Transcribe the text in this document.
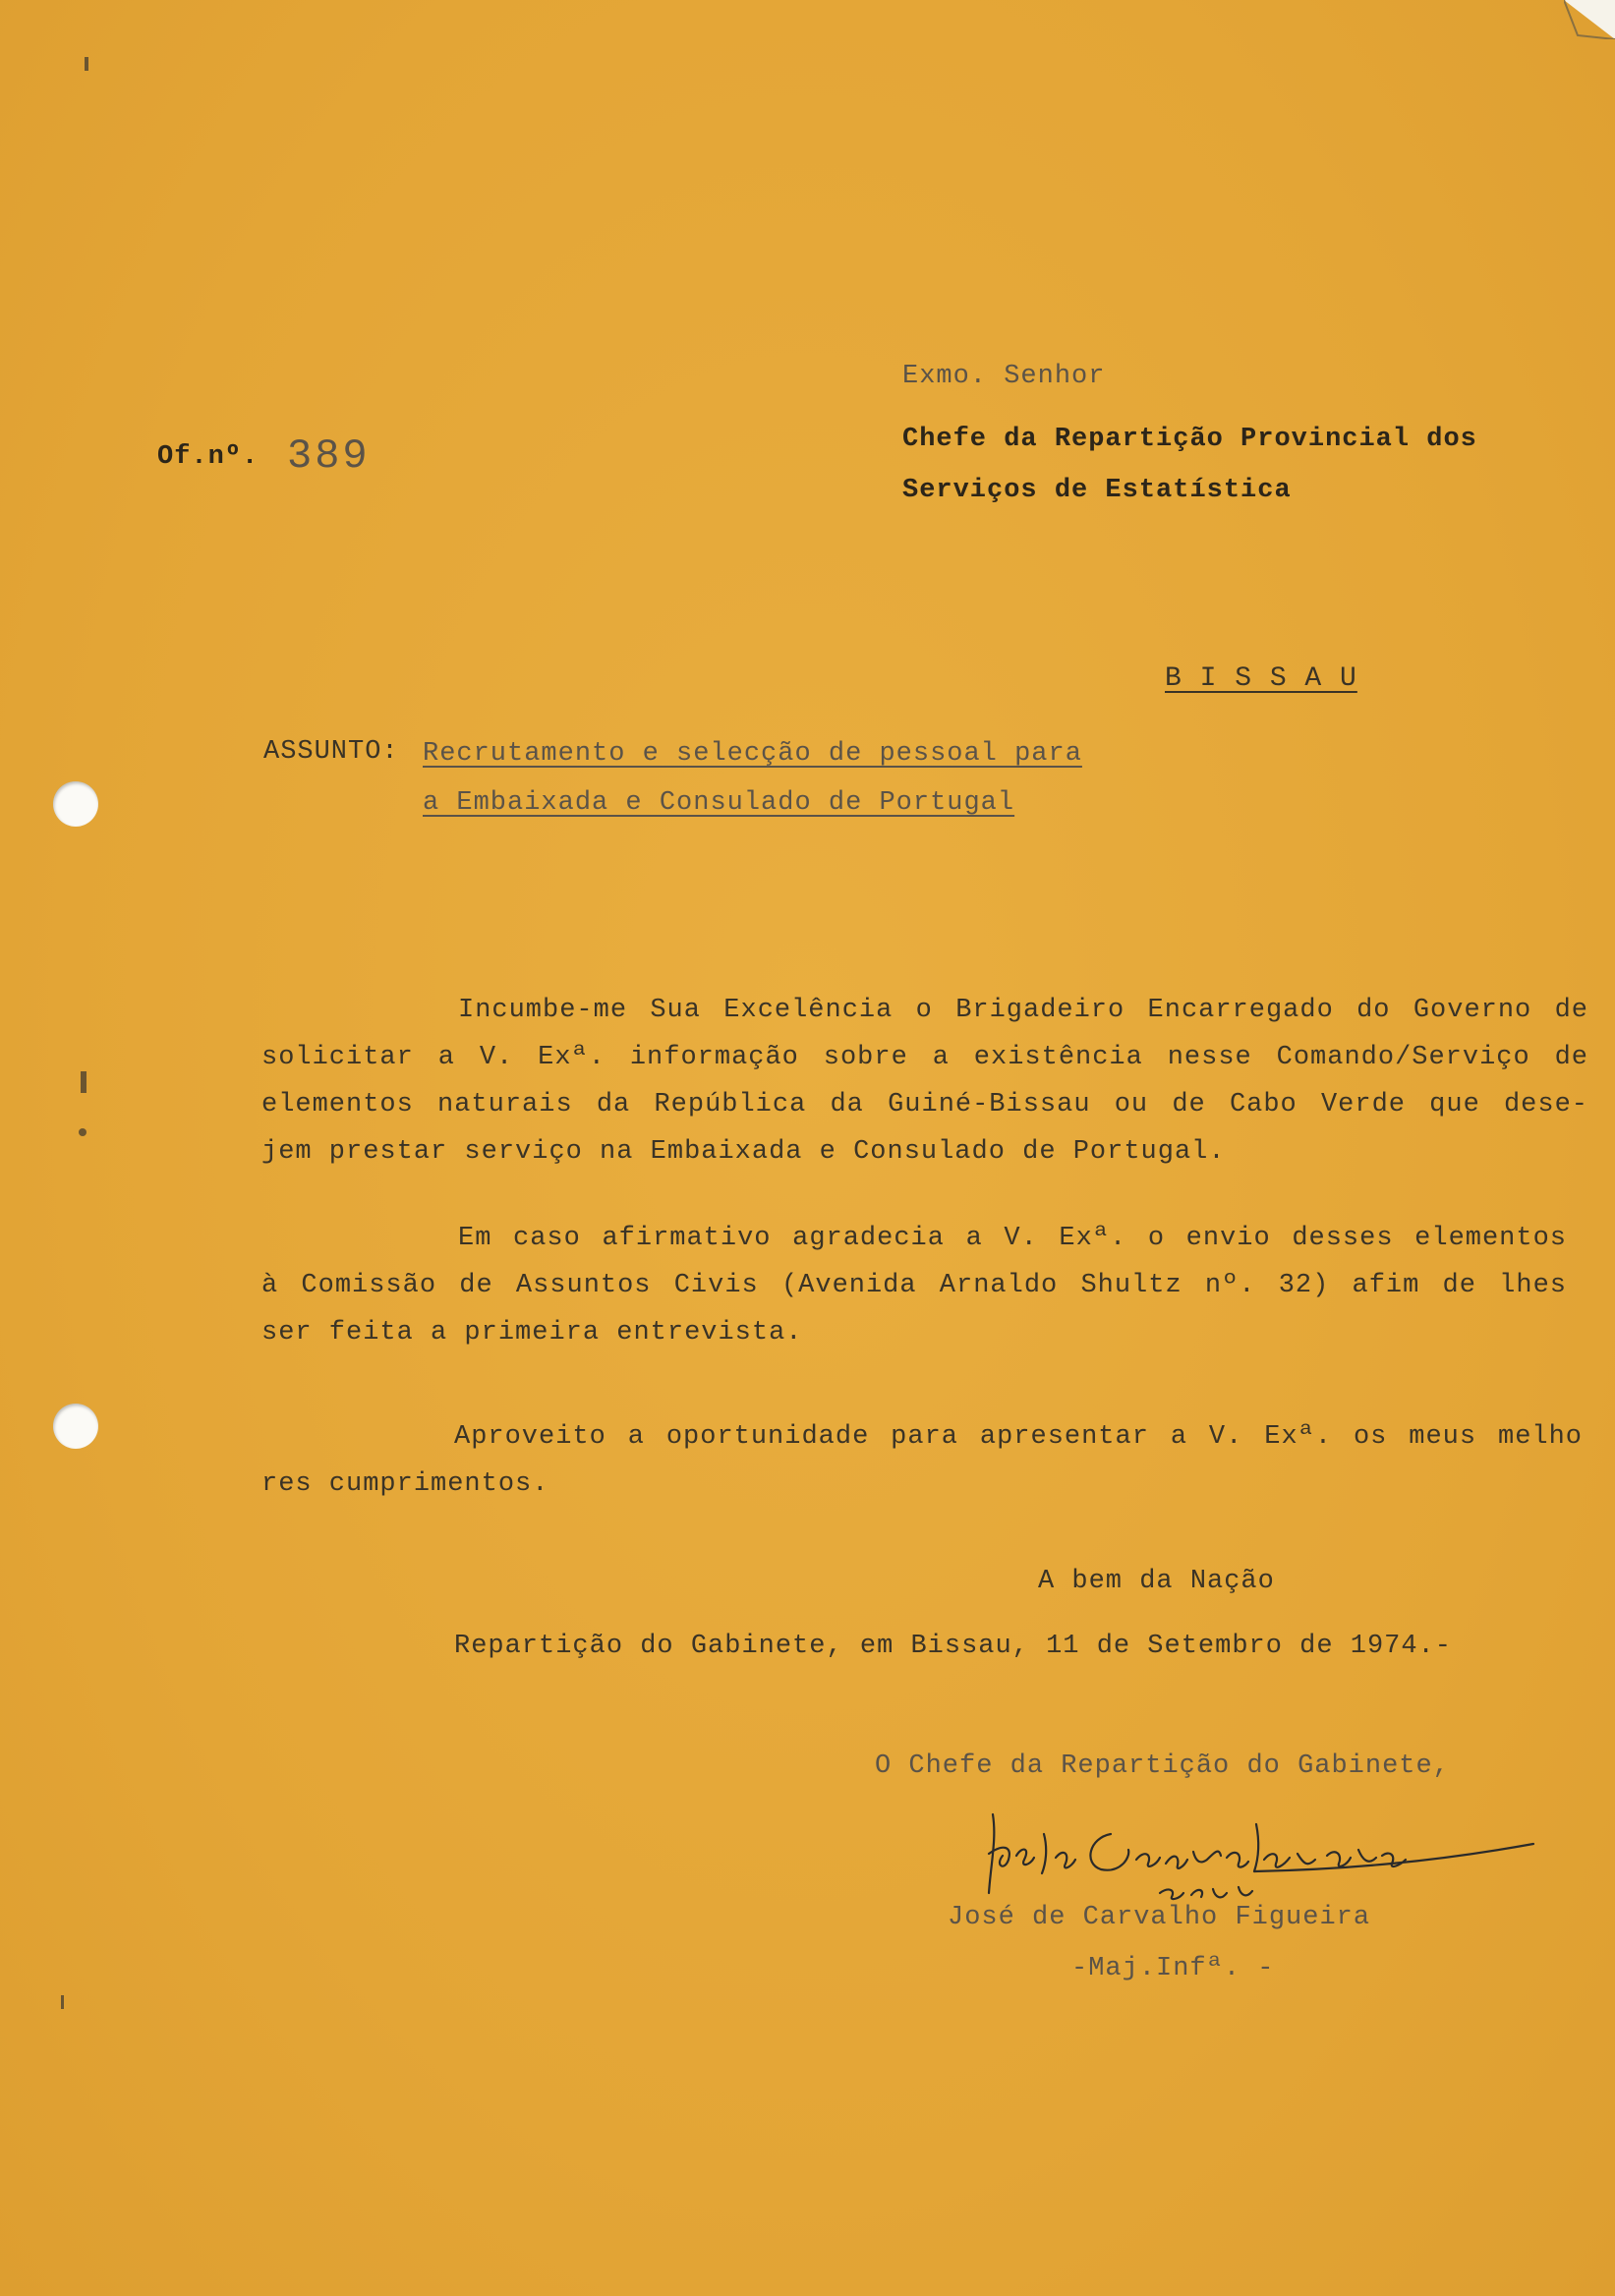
Of.nº. 389
Exmo. Senhor
Chefe da Repartição Provincial dos
Serviços de Estatística
B I S S A U
ASSUNTO: Recrutamento e selecção de pessoal para
a Embaixada e Consulado de Portugal
Incumbe-me Sua Excelência o Brigadeiro Encarregado do Governo de
solicitar a V. Exª. informação sobre a existência nesse Comando/Serviço de
elementos naturais da República da Guiné-Bissau ou de Cabo Verde que dese-
jem prestar serviço na Embaixada e Consulado de Portugal.
Em caso afirmativo agradecia a V. Exª. o envio desses elementos
à Comissão de Assuntos Civis (Avenida Arnaldo Shultz nº. 32) afim de lhes
ser feita a primeira entrevista.
Aproveito a oportunidade para apresentar a V. Exª. os meus melho
res cumprimentos.
A bem da Nação
Repartição do Gabinete, em Bissau, 11 de Setembro de 1974.-
O Chefe da Repartição do Gabinete,
José de Carvalho Figueira
-Maj.Infª. -
